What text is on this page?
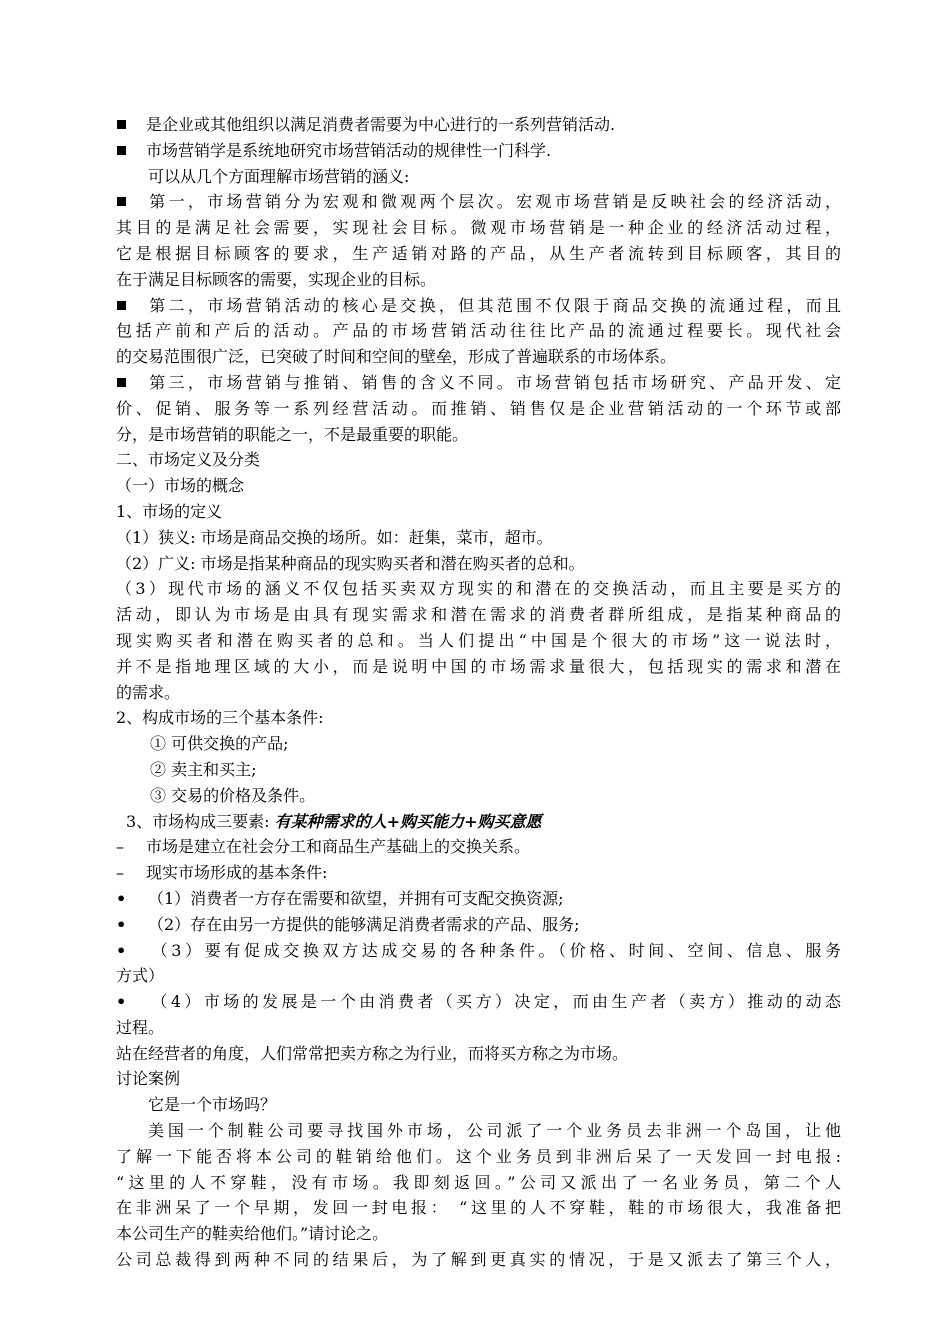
是企业或其他组织以满足消费者需要为中心进行的一系列营销活动.
市场营销学是系统地研究市场营销活动的规律性一门科学.
可以从几个方面理解市场营销的涵义:
第一，市场营销分为宏观和微观两个层次。宏观市场营销是反映社会的经济活动，
其目的是满足社会需要，实现社会目标。微观市场营销是一种企业的经济活动过程，
它是根据目标顾客的要求，生产适销对路的产品，从生产者流转到目标顾客，其目的
在于满足目标顾客的需要，实现企业的目标。
第二，市场营销活动的核心是交换，但其范围不仅限于商品交换的流通过程，而且
包括产前和产后的活动。产品的市场营销活动往往比产品的流通过程要长。现代社会
的交易范围很广泛，已突破了时间和空间的壁垒，形成了普遍联系的市场体系。
第三，市场营销与推销、销售的含义不同。市场营销包括市场研究、产品开发、定
价、促销、服务等一系列经营活动。而推销、销售仅是企业营销活动的一个环节或部
分，是市场营销的职能之一，不是最重要的职能。
二、市场定义及分类
（一）市场的概念
1、市场的定义
（1）狭义: 市场是商品交换的场所。如：赶集，菜市，超市。
（2）广义: 市场是指某种商品的现实购买者和潜在购买者的总和。
（3）现代市场的涵义不仅包括买卖双方现实的和潜在的交换活动，而且主要是买方的
活动，即认为市场是由具有现实需求和潜在需求的消费者群所组成，是指某种商品的
现实购买者和潜在购买者的总和。当人们提出“中国是个很大的市场”这一说法时，
并不是指地理区域的大小，而是说明中国的市场需求量很大，包括现实的需求和潜在
的需求。
2、构成市场的三个基本条件:
① 可供交换的产品;
② 卖主和买主;
③ 交易的价格及条件。
3、市场构成三要素: 有某种需求的人+购买能力+购买意愿
– 市场是建立在社会分工和商品生产基础上的交换关系。
– 现实市场形成的基本条件:
• （1）消费者一方存在需要和欲望，并拥有可支配交换资源;
• （2）存在由另一方提供的能够满足消费者需求的产品、服务;
• （3）要有促成交换双方达成交易的各种条件。（价格、时间、空间、信息、服务
方式）
• （4）市场的发展是一个由消费者（买方）决定，而由生产者（卖方）推动的动态
过程。
站在经营者的角度，人们常常把卖方称之为行业，而将买方称之为市场。
讨论案例
它是一个市场吗？
美国一个制鞋公司要寻找国外市场，公司派了一个业务员去非洲一个岛国，让他
了解一下能否将本公司的鞋销给他们。这个业务员到非洲后呆了一天发回一封电报:
“这里的人不穿鞋，没有市场。我即刻返回。”公司又派出了一名业务员，第二个人
在非洲呆了一个早期，发回一封电报： “这里的人不穿鞋，鞋的市场很大，我准备把
本公司生产的鞋卖给他们。”请讨论之。
公司总裁得到两种不同的结果后，为了解到更真实的情况，于是又派去了第三个人，
